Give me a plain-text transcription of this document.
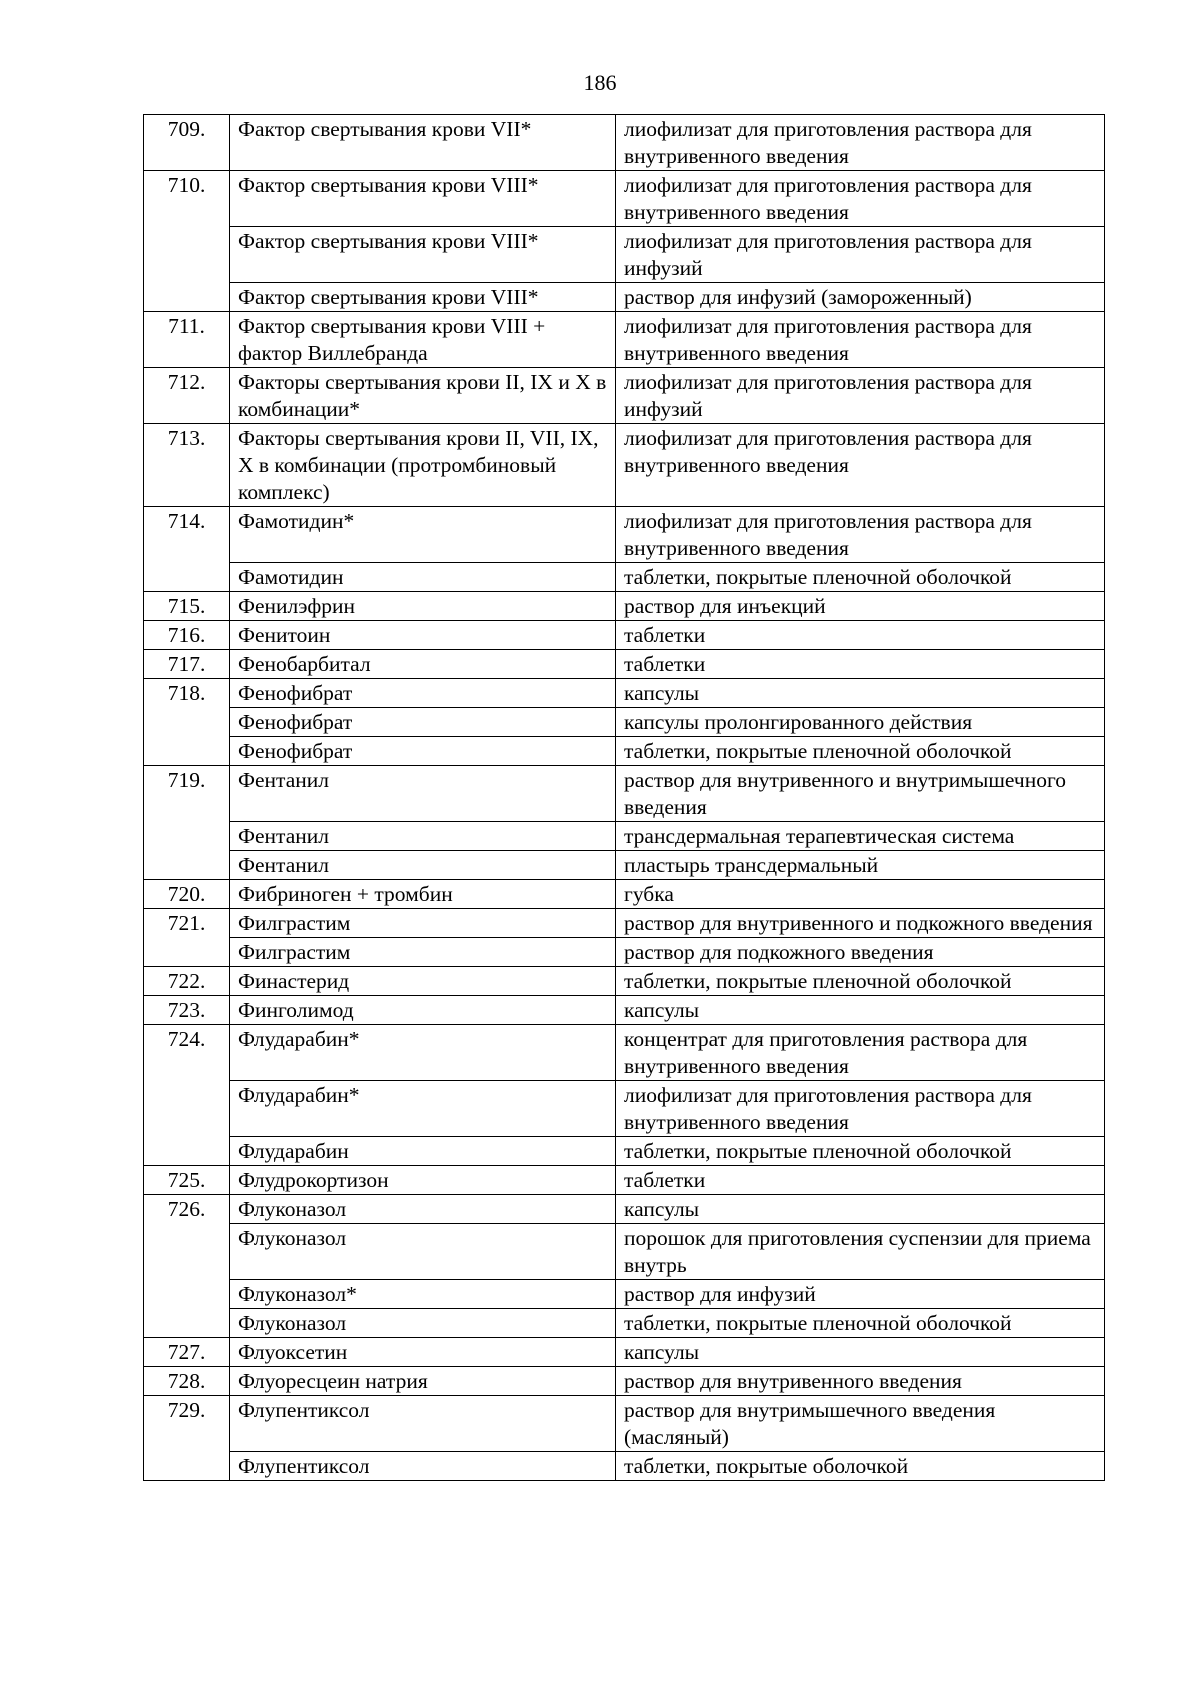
186
709.	Фактор свертывания крови VII*	лиофилизат для приготовления раствора для внутривенного введения
710.	Фактор свертывания крови VIII*	лиофилизат для приготовления раствора для внутривенного введения
	Фактор свертывания крови VIII*	лиофилизат для приготовления раствора для инфузий
	Фактор свертывания крови VIII*	раствор для инфузий (замороженный)
711.	Фактор свертывания крови VIII + фактор Виллебранда	лиофилизат для приготовления раствора для внутривенного введения
712.	Факторы свертывания крови II, IX и X в комбинации*	лиофилизат для приготовления раствора для инфузий
713.	Факторы свертывания крови II, VII, IX, X в комбинации (протромбиновый комплекс)	лиофилизат для приготовления раствора для внутривенного введения
714.	Фамотидин*	лиофилизат для приготовления раствора для внутривенного введения
	Фамотидин	таблетки, покрытые пленочной оболочкой
715.	Фенилэфрин	раствор для инъекций
716.	Фенитоин	таблетки
717.	Фенобарбитал	таблетки
718.	Фенофибрат	капсулы
	Фенофибрат	капсулы пролонгированного действия
	Фенофибрат	таблетки, покрытые пленочной оболочкой
719.	Фентанил	раствор для внутривенного и внутримышечного введения
	Фентанил	трансдермальная терапевтическая система
	Фентанил	пластырь трансдермальный
720.	Фибриноген + тромбин	губка
721.	Филграстим	раствор для внутривенного и подкожного введения
	Филграстим	раствор для подкожного введения
722.	Финастерид	таблетки, покрытые пленочной оболочкой
723.	Финголимод	капсулы
724.	Флударабин*	концентрат для приготовления раствора для внутривенного введения
	Флударабин*	лиофилизат для приготовления раствора для внутривенного введения
	Флударабин	таблетки, покрытые пленочной оболочкой
725.	Флудрокортизон	таблетки
726.	Флуконазол	капсулы
	Флуконазол	порошок для приготовления суспензии для приема внутрь
	Флуконазол*	раствор для инфузий
	Флуконазол	таблетки, покрытые пленочной оболочкой
727.	Флуоксетин	капсулы
728.	Флуоресцеин натрия	раствор для внутривенного введения
729.	Флупентиксол	раствор для внутримышечного введения (масляный)
	Флупентиксол	таблетки, покрытые оболочкой
